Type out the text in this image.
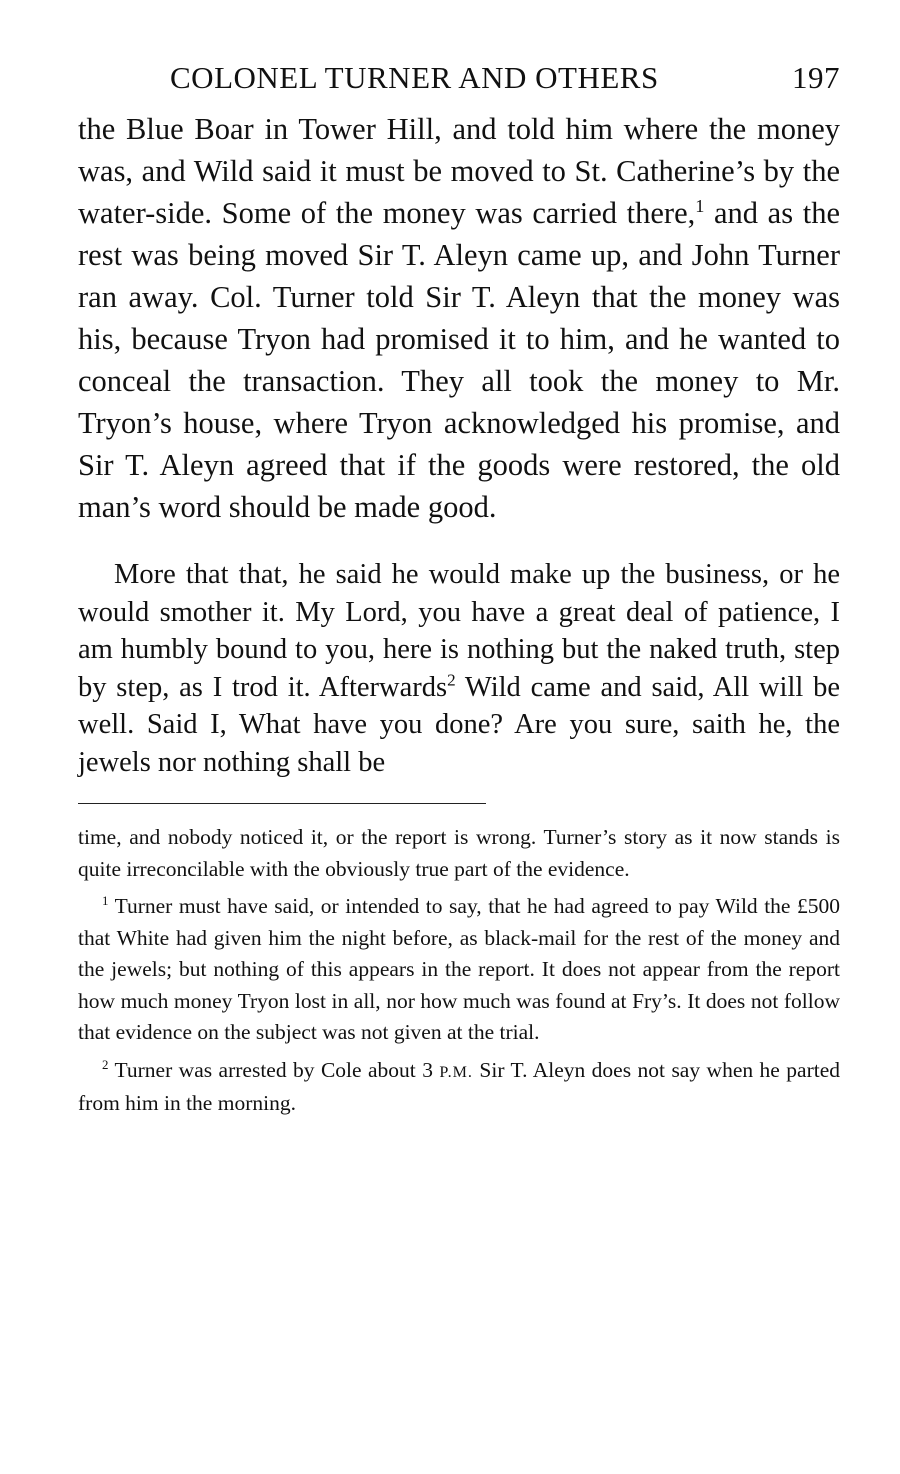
COLONEL TURNER AND OTHERS	197

the Blue Boar in Tower Hill, and told him where the money was, and Wild said it must be moved to St. Catherine’s by the water-side. Some of the money was carried there,$^1$ and as the rest was being moved Sir T. Aleyn came up, and John Turner ran away. Col. Turner told Sir T. Aleyn that the money was his, because Tryon had promised it to him, and he wanted to conceal the transaction. They all took the money to Mr. Tryon’s house, where Tryon acknowledged his promise, and Sir T. Aleyn agreed that if the goods were restored, the old man’s word should be made good.

More that that, he said he would make up the business, or he would smother it. My Lord, you have a great deal of patience, I am humbly bound to you, here is nothing but the naked truth, step by step, as I trod it. Afterwards$^2$ Wild came and said, All will be well. Said I, What have you done? Are you sure, saith he, the jewels nor nothing shall be

time, and nobody noticed it, or the report is wrong. Turner’s story as it now stands is quite irreconcilable with the obviously true part of the evidence.

$^1$ Turner must have said, or intended to say, that he had agreed to pay Wild the £500 that White had given him the night before, as black-mail for the rest of the money and the jewels; but nothing of this appears in the report. It does not appear from the report how much money Tryon lost in all, nor how much was found at Fry’s. It does not follow that evidence on the subject was not given at the trial.

$^2$ Turner was arrested by Cole about 3 P.M. Sir T. Aleyn does not say when he parted from him in the morning.
